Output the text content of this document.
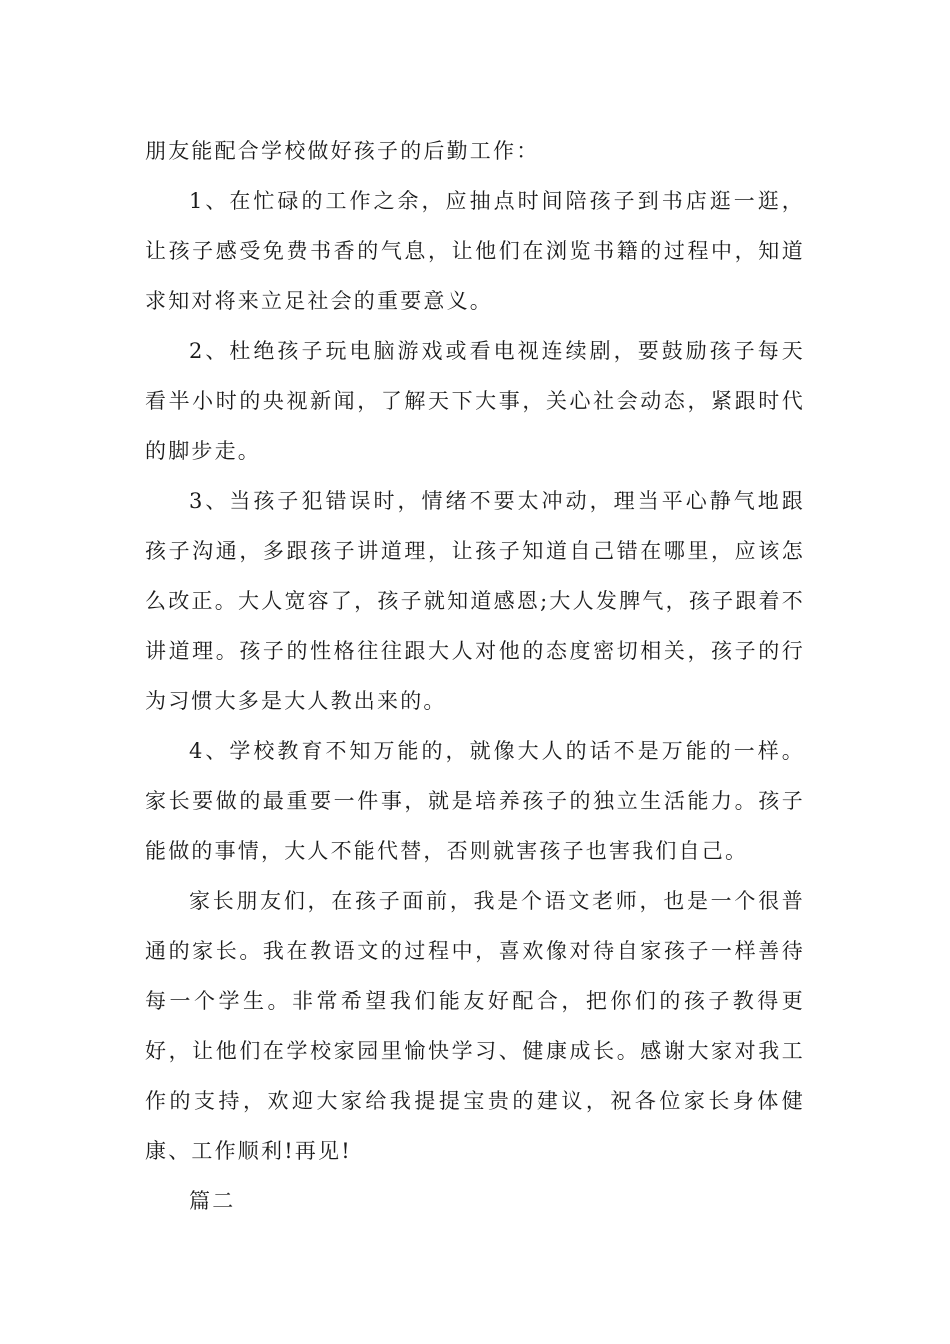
朋友能配合学校做好孩子的后勤工作：

1、在忙碌的工作之余，应抽点时间陪孩子到书店逛一逛，让孩子感受免费书香的气息，让他们在浏览书籍的过程中，知道求知对将来立足社会的重要意义。

2、杜绝孩子玩电脑游戏或看电视连续剧，要鼓励孩子每天看半小时的央视新闻，了解天下大事，关心社会动态，紧跟时代的脚步走。

3、当孩子犯错误时，情绪不要太冲动，理当平心静气地跟孩子沟通，多跟孩子讲道理，让孩子知道自己错在哪里，应该怎么改正。大人宽容了，孩子就知道感恩;大人发脾气，孩子跟着不讲道理。孩子的性格往往跟大人对他的态度密切相关，孩子的行为习惯大多是大人教出来的。

4、学校教育不知万能的，就像大人的话不是万能的一样。家长要做的最重要一件事，就是培养孩子的独立生活能力。孩子能做的事情，大人不能代替，否则就害孩子也害我们自己。

家长朋友们，在孩子面前，我是个语文老师，也是一个很普通的家长。我在教语文的过程中，喜欢像对待自家孩子一样善待每一个学生。非常希望我们能友好配合，把你们的孩子教得更好，让他们在学校家园里愉快学习、健康成长。感谢大家对我工作的支持，欢迎大家给我提提宝贵的建议，祝各位家长身体健康、工作顺利!再见!

篇二
